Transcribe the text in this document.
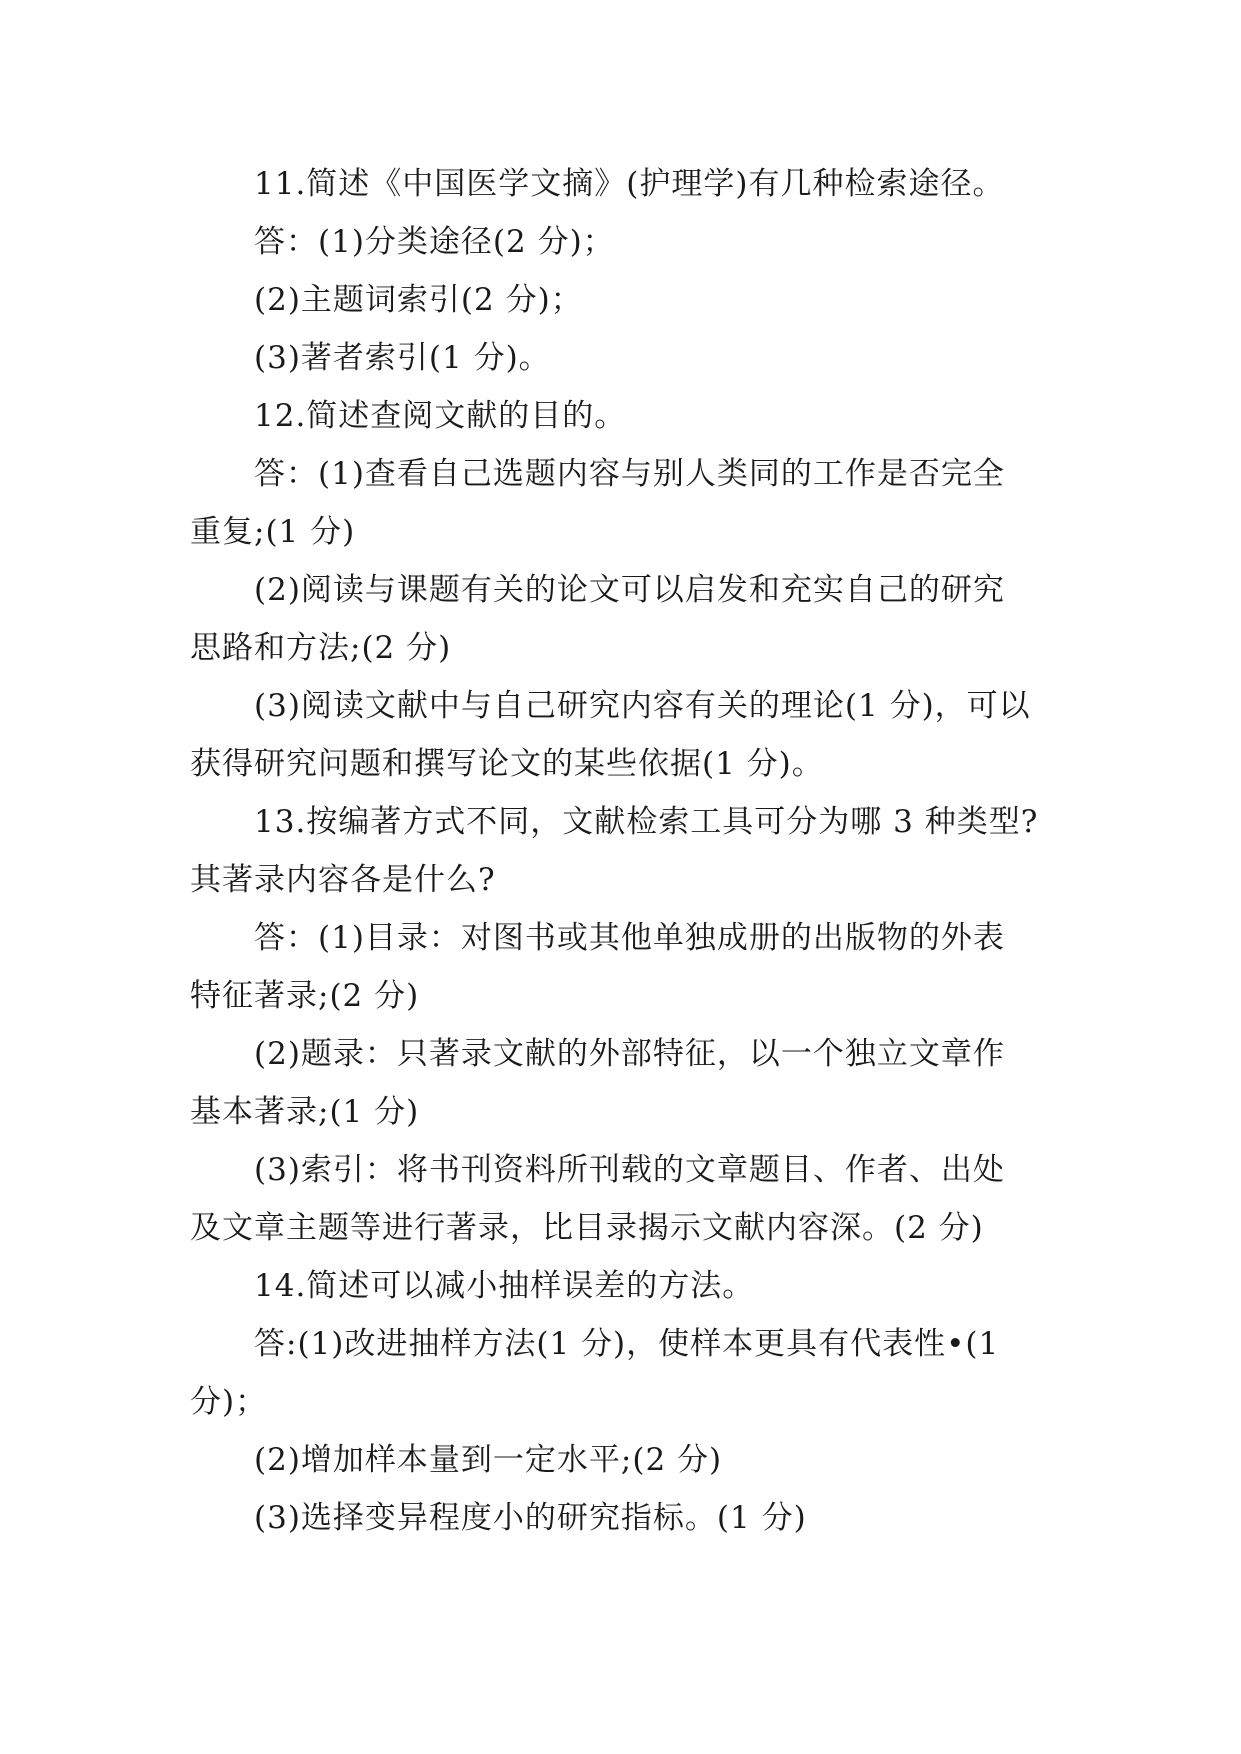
11.简述《中国医学文摘》(护理学)有几种检索途径。
答：(1)分类途径(2 分)；
(2)主题词索引(2 分)；
(3)著者索引(1 分)。
12.简述查阅文献的目的。
答：(1)查看自己选题内容与别人类同的工作是否完全
重复;(1 分)
(2)阅读与课题有关的论文可以启发和充实自己的研究
思路和方法;(2 分)
(3)阅读文献中与自己研究内容有关的理论(1 分)，可以
获得研究问题和撰写论文的某些依据(1 分)。
13.按编著方式不同，文献检索工具可分为哪 3 种类型?
其著录内容各是什么?
答：(1)目录：对图书或其他单独成册的出版物的外表
特征著录;(2 分)
(2)题录：只著录文献的外部特征，以一个独立文章作
基本著录;(1 分)
(3)索引：将书刊资料所刊载的文章题目、作者、出处
及文章主题等进行著录，比目录揭示文献内容深。(2 分)
14.简述可以减小抽样误差的方法。
答:(1)改进抽样方法(1 分)，使样本更具有代表性•(1
分)；
(2)增加样本量到一定水平;(2 分)
(3)选择变异程度小的研究指标。(1 分)
